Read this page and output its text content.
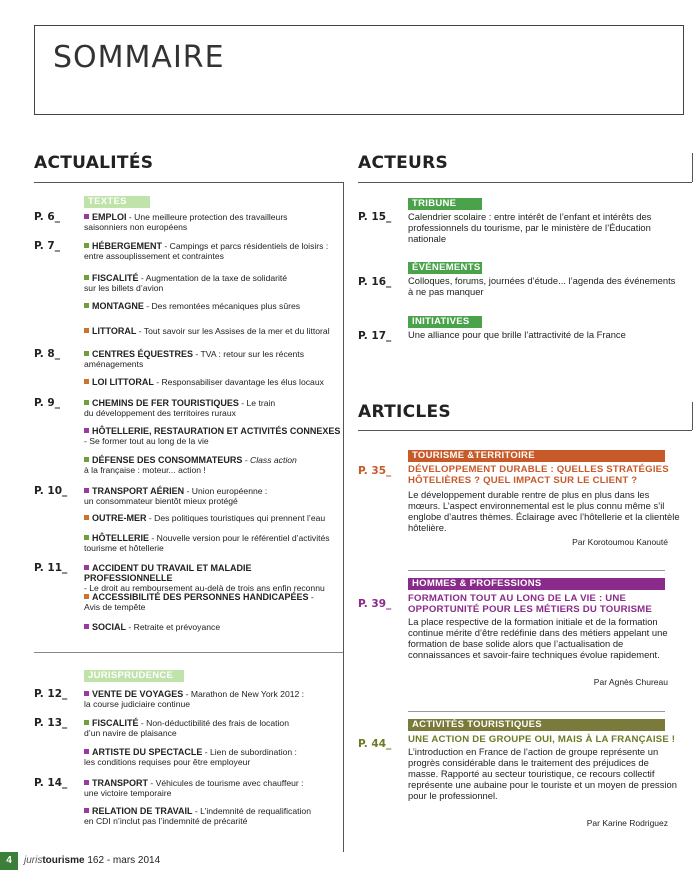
SOMMAIRE
ACTUALITÉS
TEXTES
EMPLOI - Une meilleure protection des travailleurs
saisonniers non européens
HÉBERGEMENT - Campings et parcs résidentiels de loisirs :
entre assouplissement et contraintes
FISCALITÉ - Augmentation de la taxe de solidarité
sur les billets d’avion
MONTAGNE - Des remontées mécaniques plus sûres
LITTORAL - Tout savoir sur les Assises de la mer et du littoral
CENTRES ÉQUESTRES - TVA : retour sur les récents
aménagements
LOI LITTORAL - Responsabiliser davantage les élus locaux
CHEMINS DE FER TOURISTIQUES - Le train
du développement des territoires ruraux
HÔTELLERIE, RESTAURATION ET ACTIVITÉS CONNEXES
- Se former tout au long de la vie
DÉFENSE DES CONSOMMATEURS - Class action
à la française : moteur... action !
TRANSPORT AÉRIEN - Union européenne :
un consommateur bientôt mieux protégé
OUTRE-MER - Des politiques touristiques qui prennent l’eau
HÔTELLERIE - Nouvelle version pour le référentiel d’activités
tourisme et hôtellerie
ACCIDENT DU TRAVAIL ET MALADIE PROFESSIONNELLE
- Le droit au remboursement au-delà de trois ans enfin reconnu
ACCESSIBILITÉ DES PERSONNES HANDICAPÉES -
Avis de tempête
SOCIAL - Retraite et prévoyance
P. 6_
P. 7_
P. 8_
P. 9_
P. 10_
P. 11_
JURISPRUDENCE
VENTE DE VOYAGES - Marathon de New York 2012 :
la course judiciaire continue
FISCALITÉ - Non-déductibilité des frais de location
d’un navire de plaisance
ARTISTE DU SPECTACLE - Lien de subordination :
les conditions requises pour être employeur
TRANSPORT - Véhicules de tourisme avec chauffeur :
une victoire temporaire
RELATION DE TRAVAIL - L’indemnité de requalification
en CDI n’inclut pas l’indemnité de précarité
P. 12_
P. 13_
P. 14_
ACTEURS
TRIBUNE
P. 15_ Calendrier scolaire : entre intérêt de l’enfant et intérêts des professionnels du tourisme, par le ministère de l’Éducation nationale
ÉVÉNEMENTS
P. 16_ Colloques, forums, journées d’étude... l’agenda des événements à ne pas manquer
INITIATIVES
P. 17_ Une alliance pour que brille l’attractivité de la France
ARTICLES
TOURISME &TERRITOIRE
P. 35_ DÉVELOPPEMENT DURABLE : QUELLES STRATÉGIES HÔTELIÈRES ? QUEL IMPACT SUR LE CLIENT ?
Le développement durable rentre de plus en plus dans les mœurs. L’aspect environnemental est le plus connu même s’il englobe d’autres thèmes. Éclairage avec l’hôtellerie et la clientèle hôtelière.
Par Korotoumou Kanouté
HOMMES & PROFESSIONS
P. 39_ FORMATION TOUT AU LONG DE LA VIE : UNE OPPORTUNITÉ POUR LES MÉTIERS DU TOURISME
La place respective de la formation initiale et de la formation continue mérite d’être redéfinie dans des métiers appelant une formation de base solide alors que l’actualisation de connaissances et savoir-faire techniques évolue rapidement.
Par Agnès Chureau
ACTIVITÉS TOURISTIQUES
P. 44_ UNE ACTION DE GROUPE OUI, MAIS À LA FRANÇAISE !
L’introduction en France de l’action de groupe représente un progrès considérable dans le traitement des préjudices de masse. Rapporté au secteur touristique, ce recours collectif représente une aubaine pour le touriste et un moyen de pression pour le professionnel.
Par Karine Rodriguez
4	juristourisme 162 - mars 2014
